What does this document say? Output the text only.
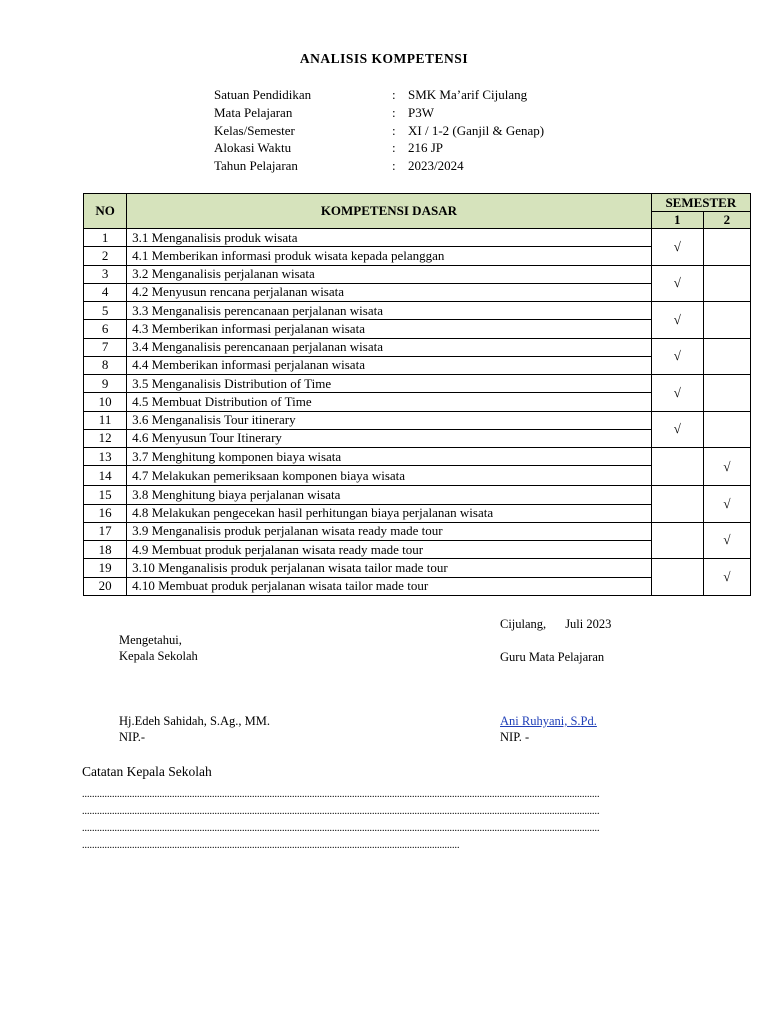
ANALISIS KOMPETENSI
Satuan Pendidikan	: SMK Ma’arif Cijulang
Mata Pelajaran	: P3W
Kelas/Semester	: XI / 1-2 (Ganjil & Genap)
Alokasi Waktu	: 216 JP
Tahun Pelajaran	: 2023/2024
NO	KOMPETENSI DASAR	SEMESTER	
		1	2
1	3.1 Menganalisis produk wisata	√	
2	4.1 Memberikan informasi produk wisata kepada pelanggan		
3	3.2 Menganalisis perjalanan wisata	√	
4	4.2 Menyusun rencana perjalanan wisata		
5	3.3 Menganalisis perencanaan perjalanan wisata	√	
6	4.3 Memberikan informasi perjalanan wisata		
7	3.4 Menganalisis perencanaan perjalanan wisata	√	
8	4.4 Memberikan informasi perjalanan wisata		
9	3.5 Menganalisis Distribution of Time	√	
10	4.5 Membuat Distribution of Time		
11	3.6 Menganalisis Tour itinerary	√	
12	4.6 Menyusun Tour Itinerary		
13	3.7 Menghitung komponen biaya wisata		√
14	4.7 Melakukan pemeriksaan komponen biaya wisata		
15	3.8 Menghitung biaya perjalanan wisata		√
16	4.8 Melakukan pengecekan hasil perhitungan biaya perjalanan wisata		
17	3.9 Menganalisis produk perjalanan wisata ready made tour		√
18	4.9 Membuat produk perjalanan wisata ready made tour		
19	3.10 Menganalisis produk perjalanan wisata tailor made tour		√
20	4.10 Membuat produk perjalanan wisata tailor made tour		
Cijulang, Juli 2023
Mengetahui,
Kepala Sekolah	Guru Mata Pelajaran
Hj.Edeh Sahidah, S.Ag., MM.
NIP.-
Ani Ruhyani, S.Pd.
NIP. -
Catatan Kepala Sekolah
...............................................................................................................................................................................................................
...............................................................................................................................................................................................................
...............................................................................................................................................................................................................
.......................................................................................................................................................
